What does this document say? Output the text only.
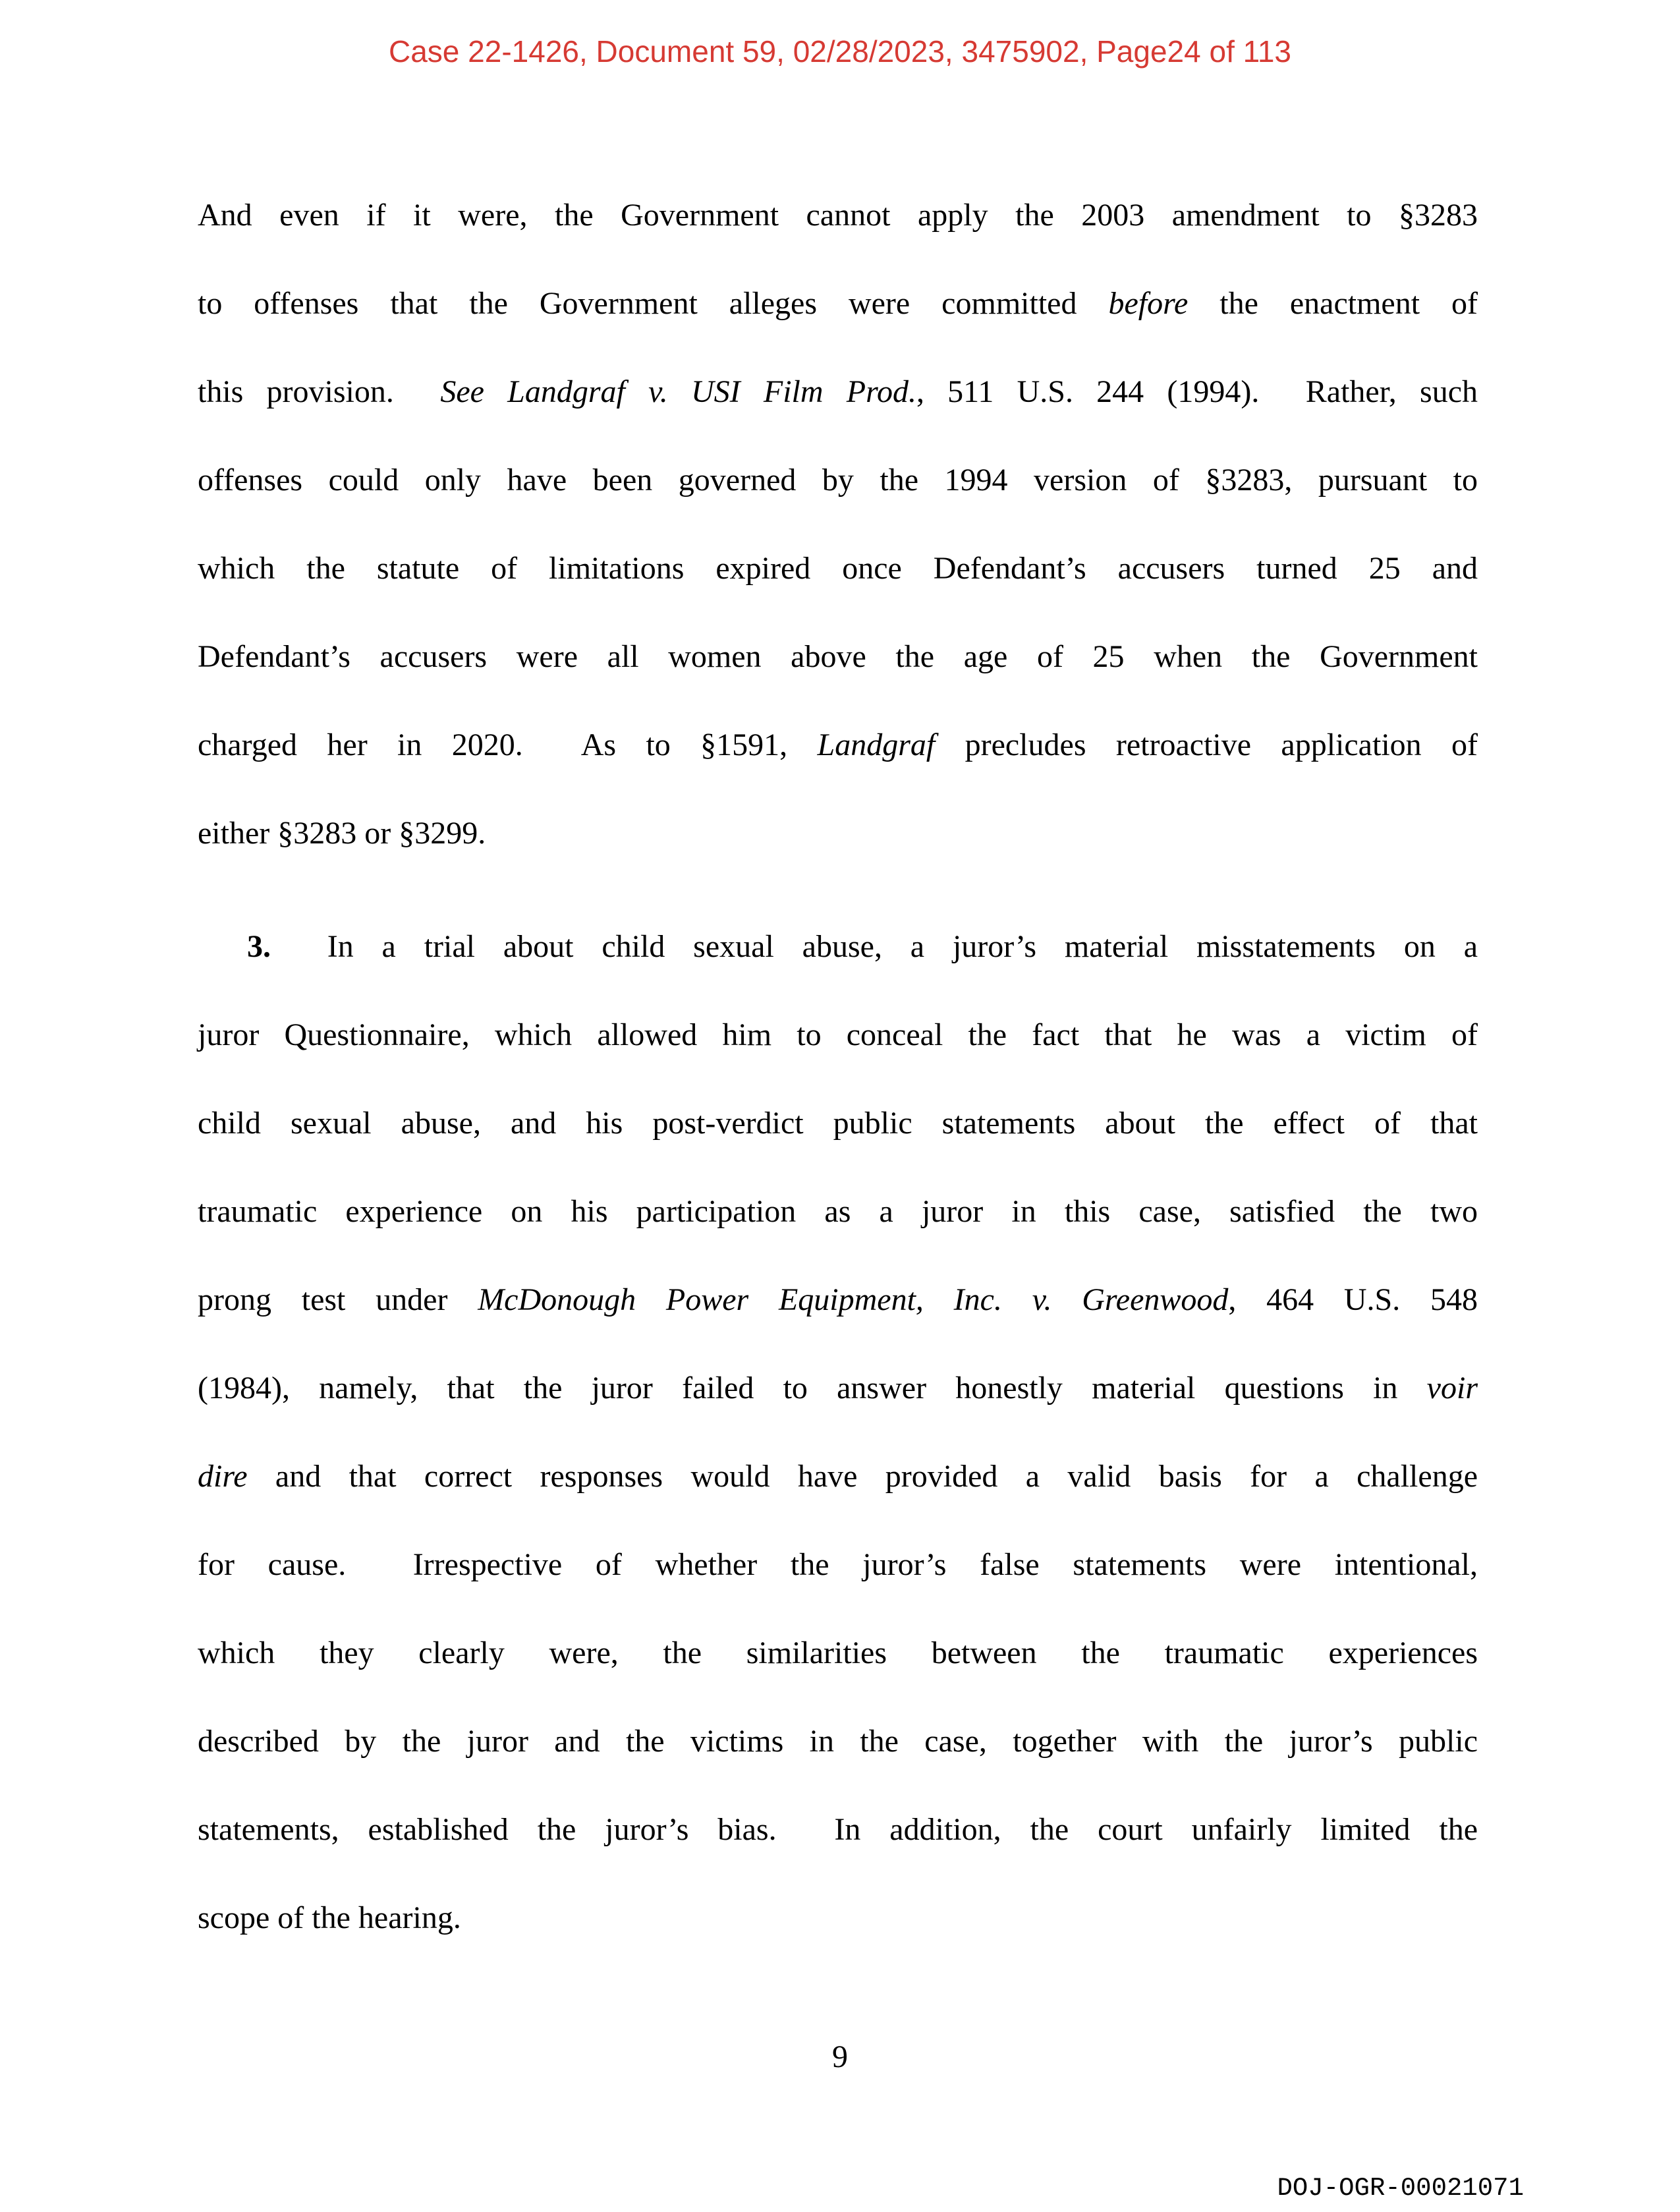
Case 22-1426, Document 59, 02/28/2023, 3475902, Page24 of 113
And even if it were, the Government cannot apply the 2003 amendment to §3283
to offenses that the Government alleges were committed before the enactment of
this provision.  See Landgraf v. USI Film Prod., 511 U.S. 244 (1994).  Rather, such
offenses could only have been governed by the 1994 version of §3283, pursuant to
which the statute of limitations expired once Defendant’s accusers turned 25 and
Defendant’s accusers were all women above the age of 25 when the Government
charged her in 2020.  As to §1591, Landgraf precludes retroactive application of
either §3283 or §3299.
3.  In a trial about child sexual abuse, a juror’s material misstatements on a
juror Questionnaire, which allowed him to conceal the fact that he was a victim of
child sexual abuse, and his post-verdict public statements about the effect of that
traumatic experience on his participation as a juror in this case, satisfied the two
prong test under McDonough Power Equipment, Inc. v. Greenwood, 464 U.S. 548
(1984), namely, that the juror failed to answer honestly material questions in voir
dire and that correct responses would have provided a valid basis for a challenge
for cause.  Irrespective of whether the juror’s false statements were intentional,
which they clearly were, the similarities between the traumatic experiences
described by the juror and the victims in the case, together with the juror’s public
statements, established the juror’s bias.  In addition, the court unfairly limited the
scope of the hearing.
9
DOJ-OGR-00021071
